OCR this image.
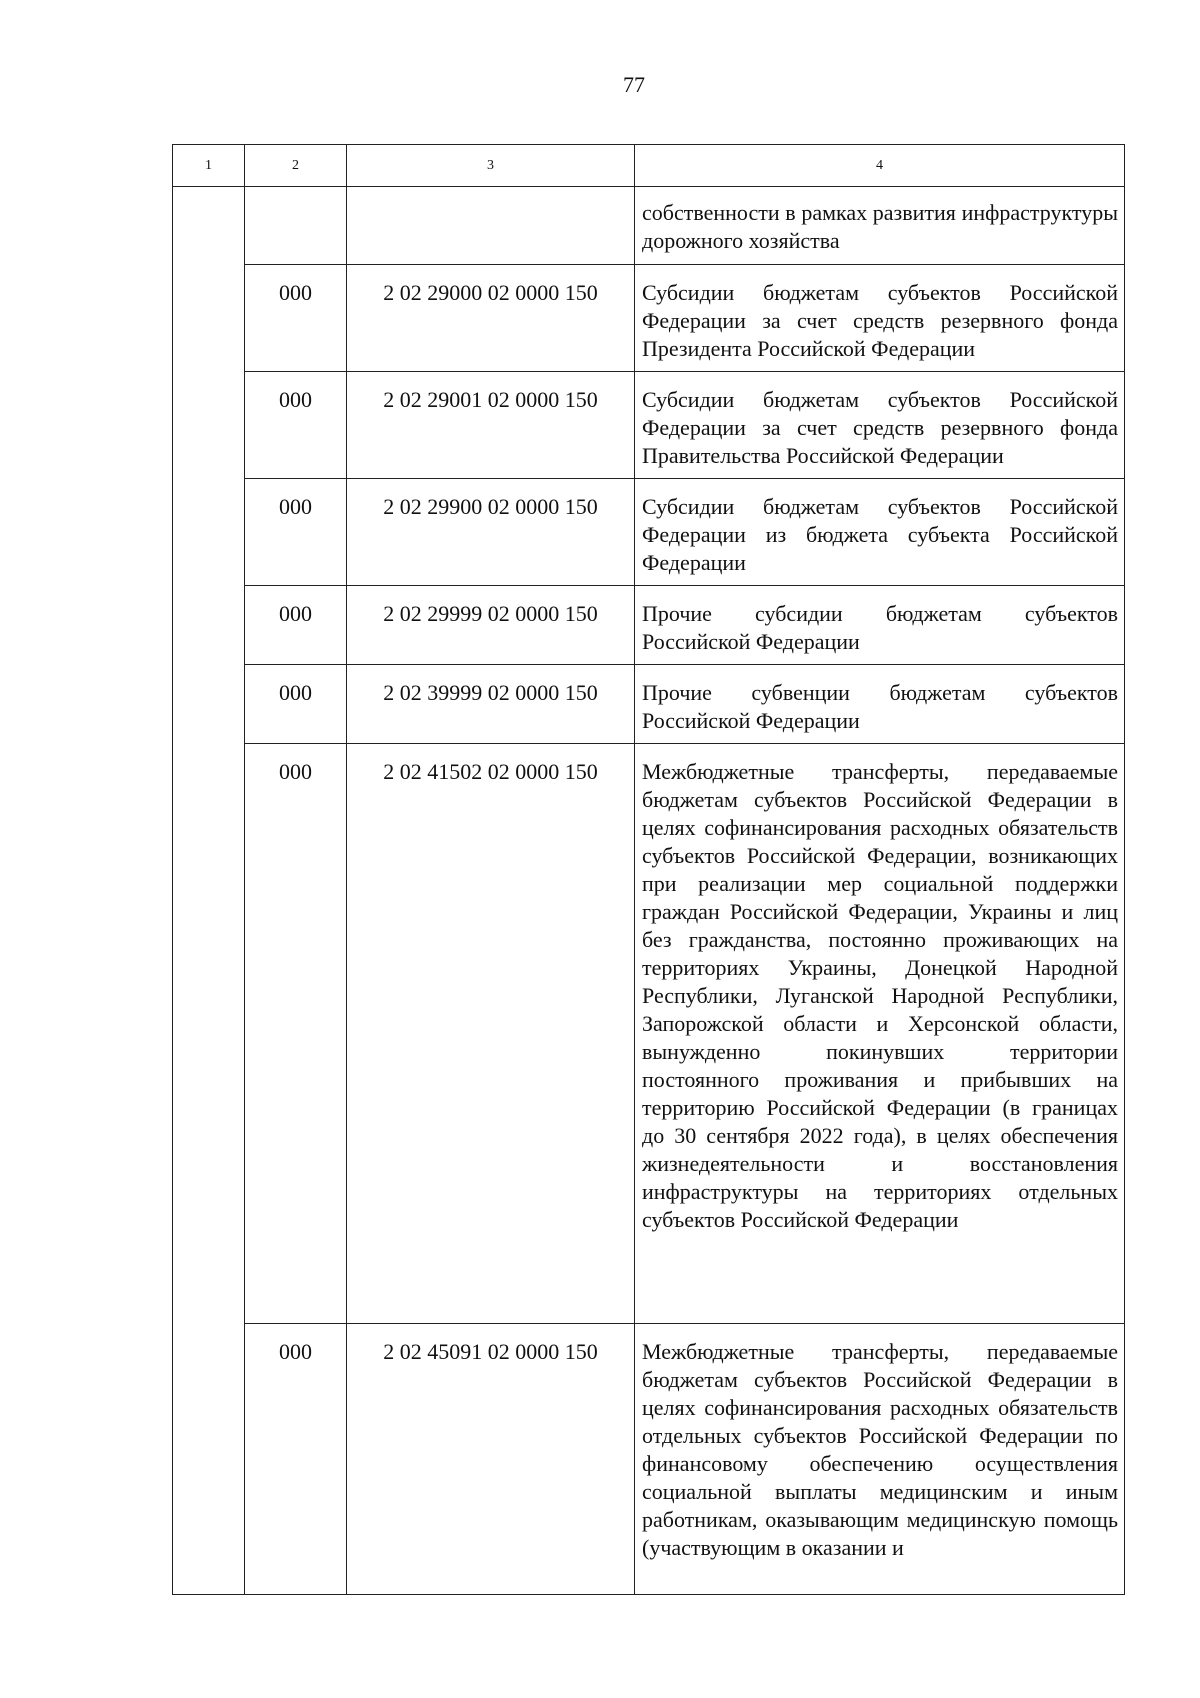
77
1	2	3	4
			собственности в рамках развития инфраструктуры дорожного хозяйства
	000	2 02 29000 02 0000 150	Субсидии бюджетам субъектов Российской Федерации за счет средств резервного фонда Президента Российской Федерации
	000	2 02 29001 02 0000 150	Субсидии бюджетам субъектов Российской Федерации за счет средств резервного фонда Правительства Российской Федерации
	000	2 02 29900 02 0000 150	Субсидии бюджетам субъектов Российской Федерации из бюджета субъекта Российской Федерации
	000	2 02 29999 02 0000 150	Прочие субсидии бюджетам субъектов Российской Федерации
	000	2 02 39999 02 0000 150	Прочие субвенции бюджетам субъектов Российской Федерации
	000	2 02 41502 02 0000 150	Межбюджетные трансферты, передаваемые бюджетам субъектов Российской Федерации в целях софинансирования расходных обязательств субъектов Российской Федерации, возникающих при реализации мер социальной поддержки граждан Российской Федерации, Украины и лиц без гражданства, постоянно проживающих на территориях Украины, Донецкой Народной Республики, Луганской Народной Республики, Запорожской области и Херсонской области, вынужденно покинувших территории постоянного проживания и прибывших на территорию Российской Федерации (в границах до 30 сентября 2022 года), в целях обеспечения жизнедеятельности и восстановления инфраструктуры на территориях отдельных субъектов Российской Федерации
	000	2 02 45091 02 0000 150	Межбюджетные трансферты, передаваемые бюджетам субъектов Российской Федерации в целях софинансирования расходных обязательств отдельных субъектов Российской Федерации по финансовому обеспечению осуществления социальной выплаты медицинским и иным работникам, оказывающим медицинскую помощь (участвующим в оказании и
